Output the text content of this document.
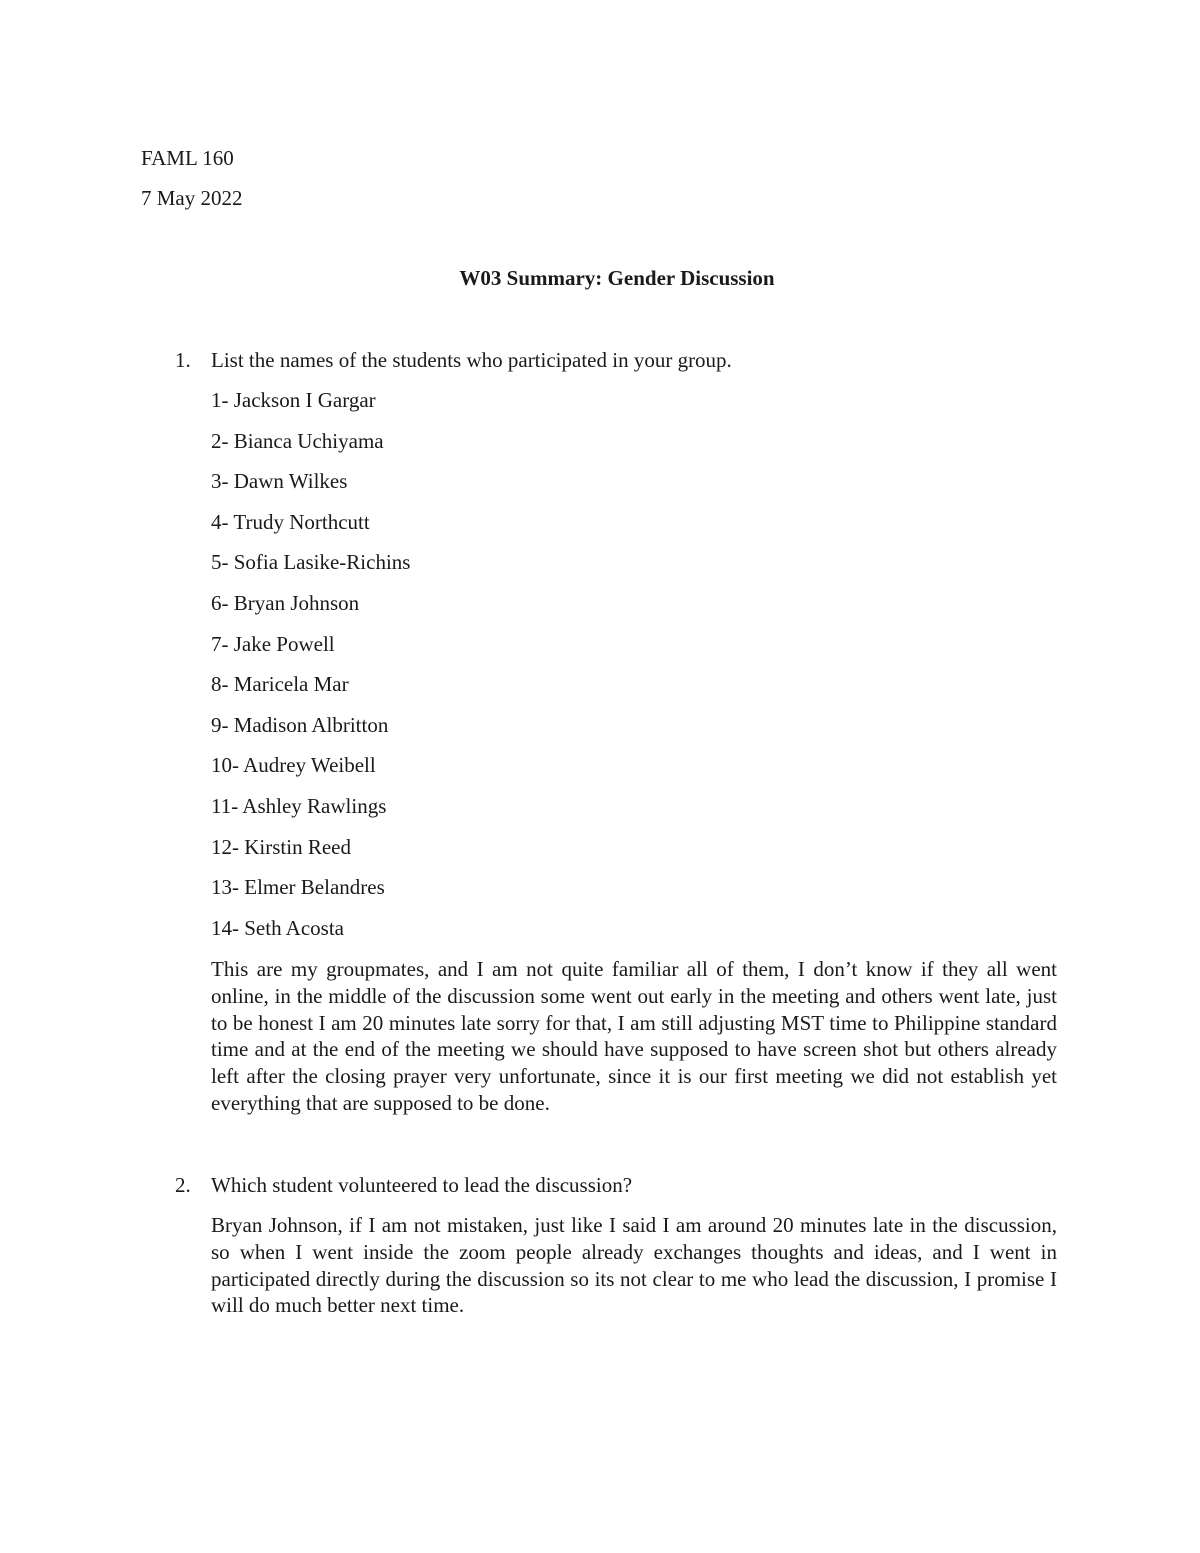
FAML 160
7 May 2022
W03 Summary: Gender Discussion
1. List the names of the students who participated in your group.
1- Jackson I Gargar
2- Bianca Uchiyama
3- Dawn Wilkes
4- Trudy Northcutt
5- Sofia Lasike-Richins
6- Bryan Johnson
7- Jake Powell
8- Maricela Mar
9- Madison Albritton
10- Audrey Weibell
11- Ashley Rawlings
12- Kirstin Reed
13- Elmer Belandres
14- Seth Acosta

This are my groupmates, and I am not quite familiar all of them, I don’t know if they all went online, in the middle of the discussion some went out early in the meeting and others went late, just to be honest I am 20 minutes late sorry for that, I am still adjusting MST time to Philippine standard time and at the end of the meeting we should have supposed to have screen shot but others already left after the closing prayer very unfortunate, since it is our first meeting we did not establish yet everything that are supposed to be done.

2. Which student volunteered to lead the discussion?

Bryan Johnson, if I am not mistaken, just like I said I am around 20 minutes late in the discussion, so when I went inside the zoom people already exchanges thoughts and ideas, and I went in participated directly during the discussion so its not clear to me who lead the discussion, I promise I will do much better next time.
